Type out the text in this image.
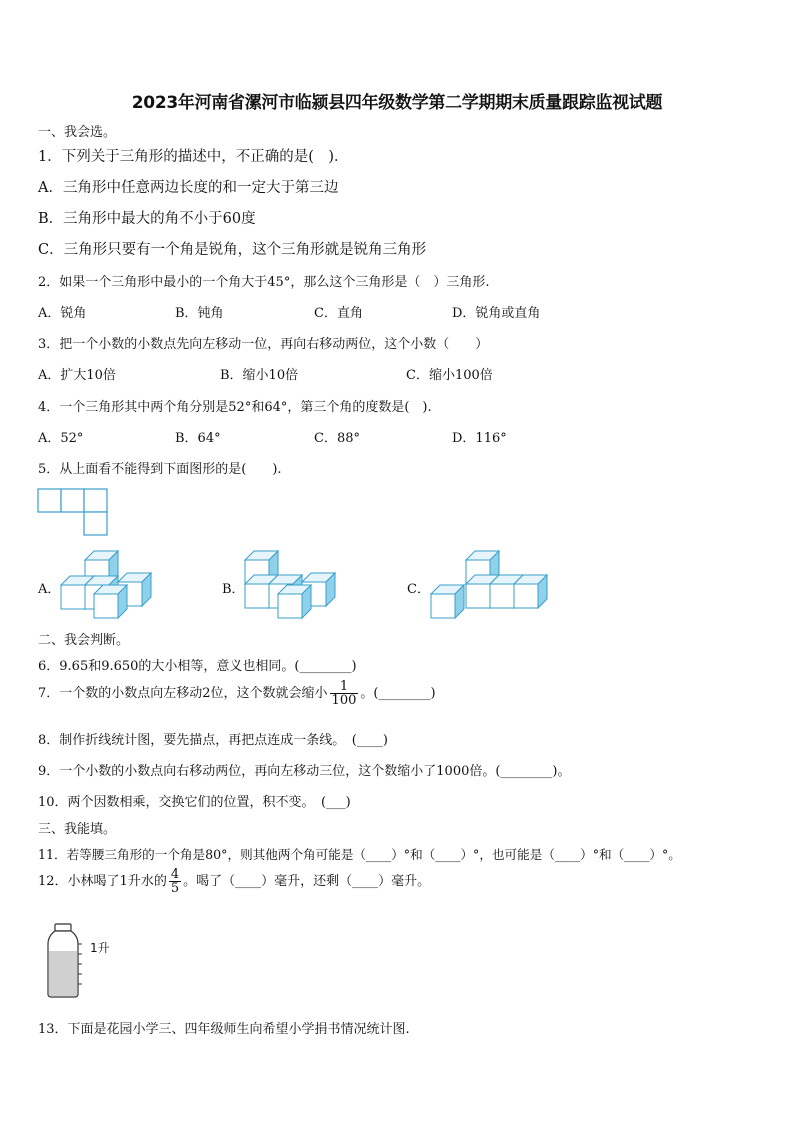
2023年河南省漯河市临颍县四年级数学第二学期期末质量跟踪监视试题
一、我会选。
1．下列关于三角形的描述中，不正确的是(　)．
A．三角形中任意两边长度的和一定大于第三边
B．三角形中最大的角不小于60度
C．三角形只要有一个角是锐角，这个三角形就是锐角三角形
2．如果一个三角形中最小的一个角大于45°，那么这个三角形是（　）三角形.
A．锐角	B．钝角	C．直角	D．锐角或直角
3．把一个小数的小数点先向左移动一位，再向右移动两位，这个小数（　　）
A．扩大10倍	B．缩小10倍	C．缩小100倍
4．一个三角形其中两个角分别是52°和64°，第三个角的度数是(　).
A．52°	B．64°	C．88°	D．116°
5．从上面看不能得到下面图形的是(　　).
A．	B．	C．
二、我会判断。
6．9.65和9.650的大小相等，意义也相同。(________)
7．一个数的小数点向左移动2位，这个数就会缩小 $\frac{1}{100}$ 。(________)
8．制作折线统计图，要先描点，再把点连成一条线。　(____)
9．一个小数的小数点向右移动两位，再向左移动三位，这个数缩小了1000倍。(________)。
10．两个因数相乘，交换它们的位置，积不变。　(___)
三、我能填。
11．若等腰三角形的一个角是80°，则其他两个角可能是（____）°和（____）°，也可能是（____）°和（____）°。
12．小林喝了1升水的 $\frac{4}{5}$ 。喝了（____）毫升，还剩（____）毫升。
1升
13．下面是花园小学三、四年级师生向希望小学捐书情况统计图.
